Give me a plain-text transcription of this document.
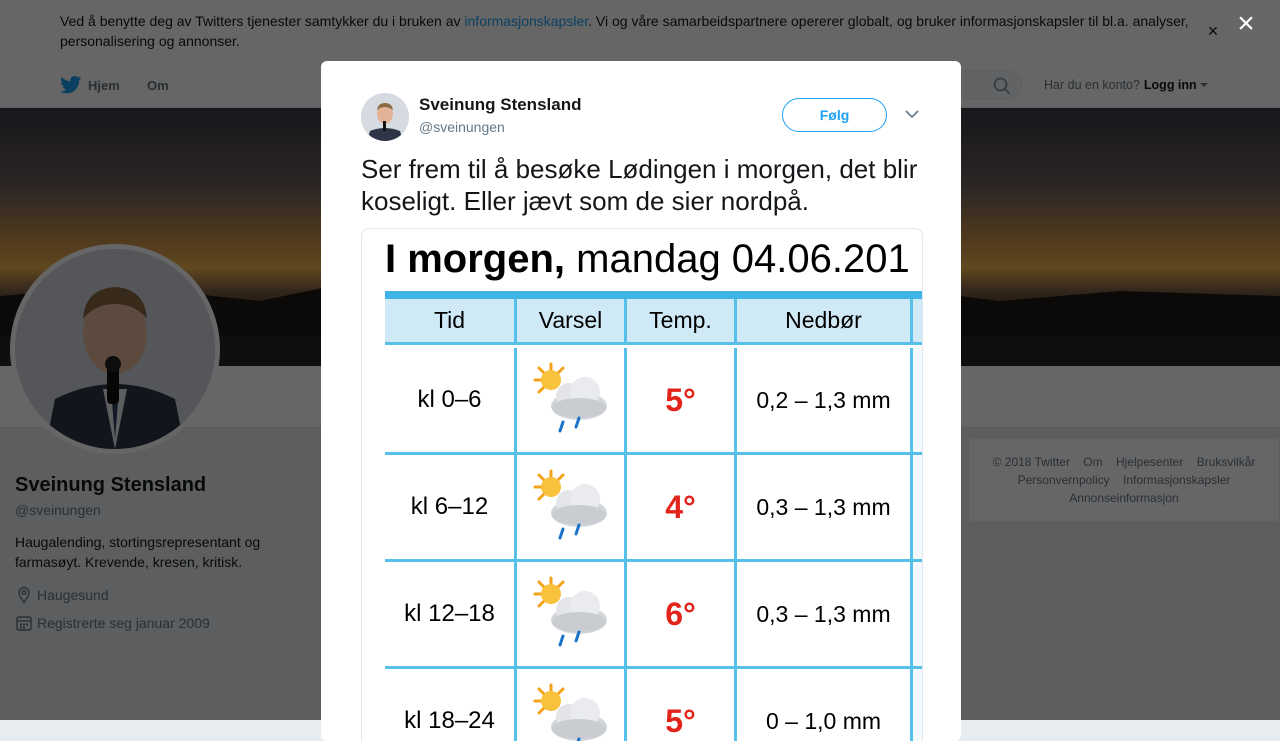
×
Sveinung Stensland
@sveinungen
Følg
Ser frem til å besøke Lødingen i morgen, det blir koseligt. Eller jævt som de sier nordpå.
I morgen, mandag 04.06.201
Tid	Varsel	Temp.	Nedbør
kl 0–6	5°	0,2 – 1,3 mm
kl 6–12	4°	0,3 – 1,3 mm
kl 12–18	6°	0,3 – 1,3 mm
kl 18–24	5°	0 – 1,0 mm
